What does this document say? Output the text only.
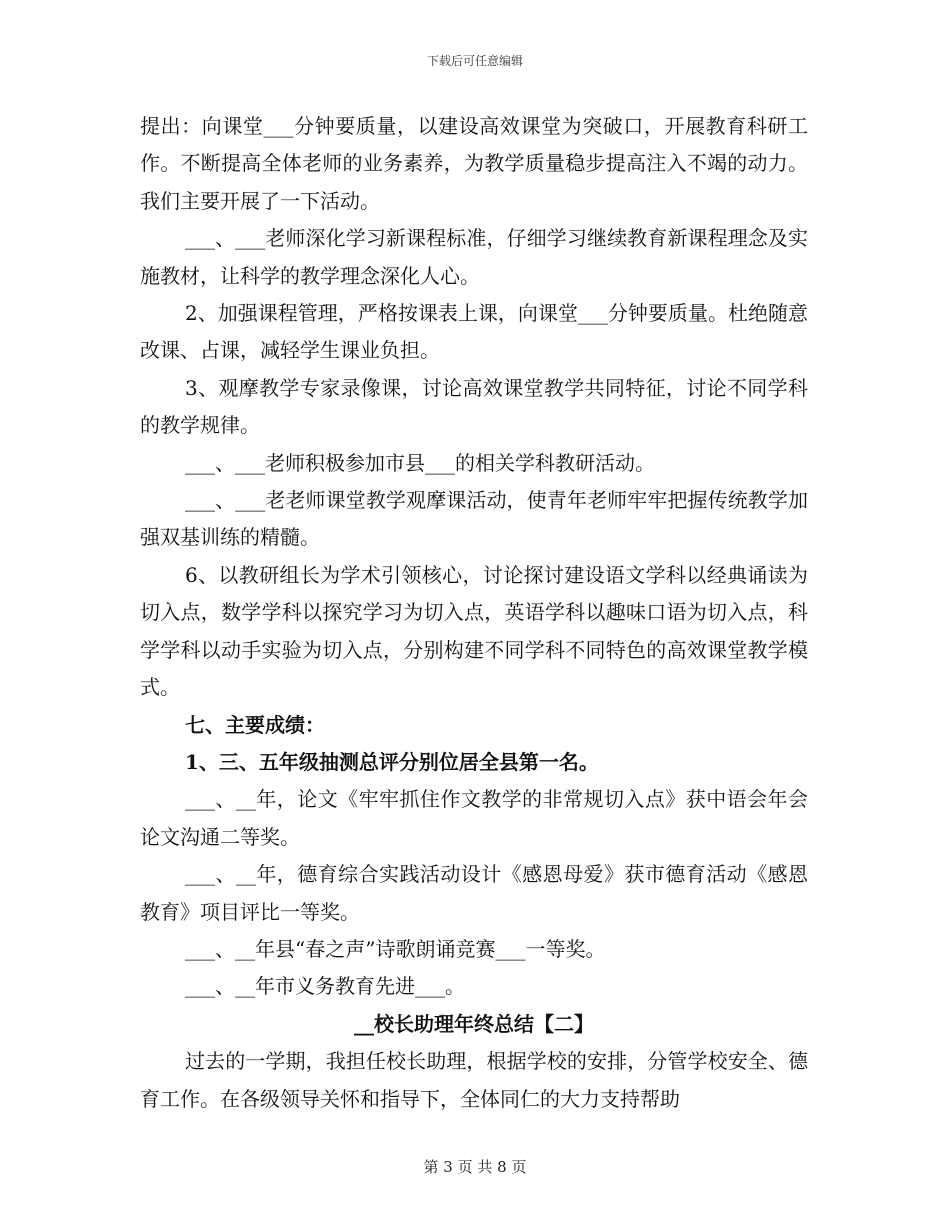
下载后可任意编辑

提出：向课堂___分钟要质量，以建设高效课堂为突破口，开展教育科研工作。不断提高全体老师的业务素养，为教学质量稳步提高注入不竭的动力。我们主要开展了一下活动。

___、___老师深化学习新课程标准，仔细学习继续教育新课程理念及实施教材，让科学的教学理念深化人心。

2、加强课程管理，严格按课表上课，向课堂___分钟要质量。杜绝随意改课、占课，减轻学生课业负担。

3、观摩教学专家录像课，讨论高效课堂教学共同特征，讨论不同学科的教学规律。

___、___老师积极参加市县___的相关学科教研活动。

___、___老老师课堂教学观摩课活动，使青年老师牢牢把握传统教学加强双基训练的精髓。

6、以教研组长为学术引领核心，讨论探讨建设语文学科以经典诵读为切入点，数学学科以探究学习为切入点，英语学科以趣味口语为切入点，科学学科以动手实验为切入点，分别构建不同学科不同特色的高效课堂教学模式。

七、主要成绩：

1、三、五年级抽测总评分别位居全县第一名。

___、__年，论文《牢牢抓住作文教学的非常规切入点》获中语会年会论文沟通二等奖。

___、__年，德育综合实践活动设计《感恩母爱》获市德育活动《感恩教育》项目评比一等奖。

___、__年县“春之声”诗歌朗诵竞赛___一等奖。

___、__年市义务教育先进___。

__校长助理年终总结【二】

过去的一学期，我担任校长助理，根据学校的安排，分管学校安全、德育工作。在各级领导关怀和指导下，全体同仁的大力支持帮助

第 3 页 共 8 页
